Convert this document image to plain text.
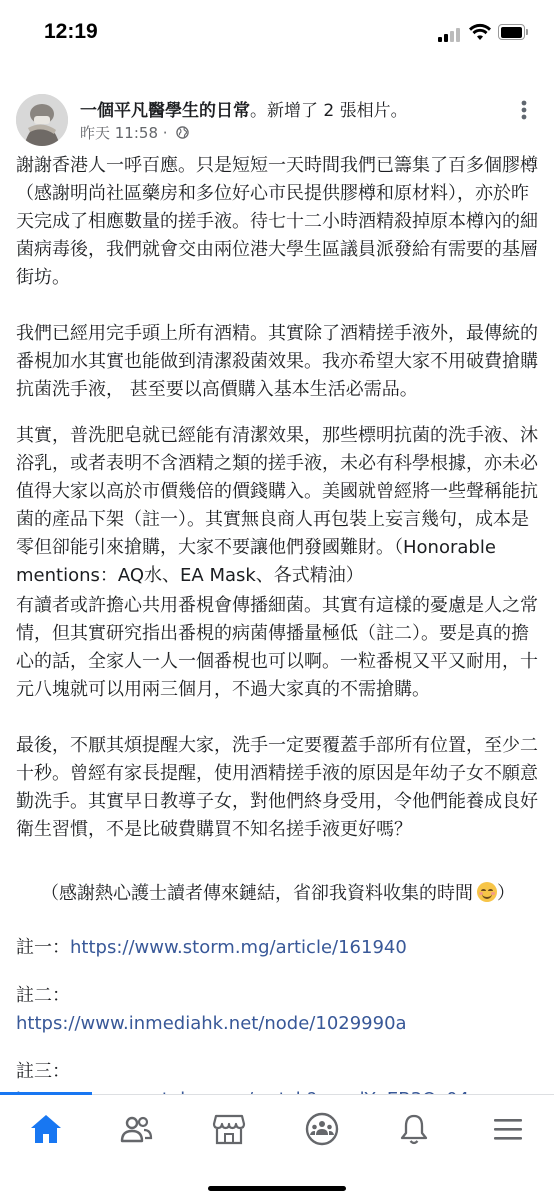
12:19
一個平凡醫學生的日常。新增了 2 張相片。
昨天 11:58 ·

謝謝香港人一呼百應。只是短短一天時間我們已籌集了百多個膠樽（感謝明尚社區藥房和多位好心市民提供膠樽和原材料），亦於昨天完成了相應數量的搓手液。待七十二小時酒精殺掉原本樽內的細菌病毒後，我們就會交由兩位港大學生區議員派發給有需要的基層街坊。

我們已經用完手頭上所有酒精。其實除了酒精搓手液外，最傳統的番梘加水其實也能做到清潔殺菌效果。我亦希望大家不用破費搶購抗菌洗手液， 甚至要以高價購入基本生活必需品。

其實，普洗肥皂就已經能有清潔效果，那些標明抗菌的洗手液、沐浴乳，或者表明不含酒精之類的搓手液，未必有科學根據，亦未必值得大家以高於市價幾倍的價錢購入。美國就曾經將一些聲稱能抗菌的產品下架（註一）。其實無良商人再包裝上妄言幾句，成本是零但卻能引來搶購，大家不要讓他們發國難財。（Honorable mentions：AQ水、EA Mask、各式精油）

有讀者或許擔心共用番梘會傳播細菌。其實有這樣的憂慮是人之常情，但其實研究指出番梘的病菌傳播量極低（註二）。要是真的擔心的話，全家人一人一個番梘也可以啊。一粒番梘又平又耐用，十元八塊就可以用兩三個月，不過大家真的不需搶購。

最後，不厭其煩提醒大家，洗手一定要覆蓋手部所有位置，至少二十秒。曾經有家長提醒，使用酒精搓手液的原因是年幼子女不願意勤洗手。其實早日教導子女，對他們終身受用，令他們能養成良好衛生習慣，不是比破費購買不知名搓手液更好嗎？

（感謝熱心護士讀者傳來鏈結，省卻我資料收集的時間 ）

註一：https://www.storm.mg/article/161940

註二：
https://www.inmediahk.net/node/1029990a

註三：
